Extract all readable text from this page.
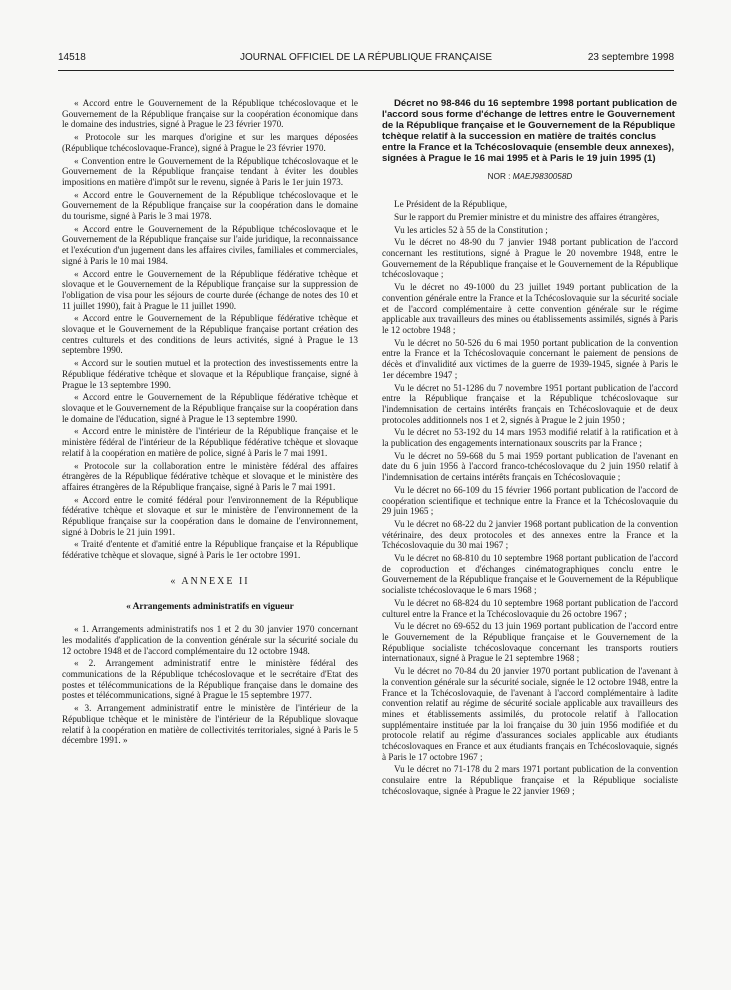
14518	JOURNAL OFFICIEL DE LA RÉPUBLIQUE FRANÇAISE	23 septembre 1998

« Accord entre le Gouvernement de la République tchécoslovaque et le Gouvernement de la République française sur la coopération économique dans le domaine des industries, signé à Prague le 23 février 1970.

« Protocole sur les marques d'origine et sur les marques déposées (République tchécoslovaque-France), signé à Prague le 23 février 1970.

« Convention entre le Gouvernement de la République tchécoslovaque et le Gouvernement de la République française tendant à éviter les doubles impositions en matière d'impôt sur le revenu, signée à Paris le 1er juin 1973.

« Accord entre le Gouvernement de la République tchécoslovaque et le Gouvernement de la République française sur la coopération dans le domaine du tourisme, signé à Paris le 3 mai 1978.

« Accord entre le Gouvernement de la République tchécoslovaque et le Gouvernement de la République française sur l'aide juridique, la reconnaissance et l'exécution d'un jugement dans les affaires civiles, familiales et commerciales, signé à Paris le 10 mai 1984.

« Accord entre le Gouvernement de la République fédérative tchèque et slovaque et le Gouvernement de la République française sur la suppression de l'obligation de visa pour les séjours de courte durée (échange de notes des 10 et 11 juillet 1990), fait à Prague le 11 juillet 1990.

« Accord entre le Gouvernement de la République fédérative tchèque et slovaque et le Gouvernement de la République française portant création des centres culturels et des conditions de leurs activités, signé à Prague le 13 septembre 1990.

« Accord sur le soutien mutuel et la protection des investissements entre la République fédérative tchèque et slovaque et la République française, signé à Prague le 13 septembre 1990.

« Accord entre le Gouvernement de la République fédérative tchèque et slovaque et le Gouvernement de la République française sur la coopération dans le domaine de l'éducation, signé à Prague le 13 septembre 1990.

« Accord entre le ministère de l'intérieur de la République française et le ministère fédéral de l'intérieur de la République fédérative tchèque et slovaque relatif à la coopération en matière de police, signé à Paris le 7 mai 1991.

« Protocole sur la collaboration entre le ministère fédéral des affaires étrangères de la République fédérative tchèque et slovaque et le ministère des affaires étrangères de la République française, signé à Paris le 7 mai 1991.

« Accord entre le comité fédéral pour l'environnement de la République fédérative tchèque et slovaque et sur le ministère de l'environnement de la République française sur la coopération dans le domaine de l'environnement, signé à Dobris le 21 juin 1991.

« Traité d'entente et d'amitié entre la République française et la République fédérative tchèque et slovaque, signé à Paris le 1er octobre 1991.

« ANNEXE II
« Arrangements administratifs en vigueur

« 1. Arrangements administratifs nos 1 et 2 du 30 janvier 1970 concernant les modalités d'application de la convention générale sur la sécurité sociale du 12 octobre 1948 et de l'accord complémentaire du 12 octobre 1948.

« 2. Arrangement administratif entre le ministère fédéral des communications de la République tchécoslovaque et le secrétaire d'Etat des postes et télécommunications de la République française dans le domaine des postes et télécommunications, signé à Prague le 15 septembre 1977.

« 3. Arrangement administratif entre le ministère de l'intérieur de la République tchèque et le ministère de l'intérieur de la République slovaque relatif à la coopération en matière de collectivités territoriales, signé à Paris le 5 décembre 1991. »

Décret no 98-846 du 16 septembre 1998 portant publication de l'accord sous forme d'échange de lettres entre le Gouvernement de la République française et le Gouvernement de la République tchèque relatif à la succession en matière de traités conclus entre la France et la Tchécoslovaquie (ensemble deux annexes), signées à Prague le 16 mai 1995 et à Paris le 19 juin 1995 (1)

NOR : MAEJ9830058D

Le Président de la République,

Sur le rapport du Premier ministre et du ministre des affaires étrangères,

Vu les articles 52 à 55 de la Constitution ;

Vu le décret no 48-90 du 7 janvier 1948 portant publication de l'accord concernant les restitutions, signé à Prague le 20 novembre 1948, entre le Gouvernement de la République française et le Gouvernement de la République tchécoslovaque ;

Vu le décret no 49-1000 du 23 juillet 1949 portant publication de la convention générale entre la France et la Tchécoslovaquie sur la sécurité sociale et de l'accord complémentaire à cette convention générale sur le régime applicable aux travailleurs des mines ou établissements assimilés, signés à Paris le 12 octobre 1948 ;

Vu le décret no 50-526 du 6 mai 1950 portant publication de la convention entre la France et la Tchécoslovaquie concernant le paiement de pensions de décès et d'invalidité aux victimes de la guerre de 1939-1945, signée à Paris le 1er décembre 1947 ;

Vu le décret no 51-1286 du 7 novembre 1951 portant publication de l'accord entre la République française et la République tchécoslovaque sur l'indemnisation de certains intérêts français en Tchécoslovaquie et de deux protocoles additionnels nos 1 et 2, signés à Prague le 2 juin 1950 ;

Vu le décret no 53-192 du 14 mars 1953 modifié relatif à la ratification et à la publication des engagements internationaux souscrits par la France ;

Vu le décret no 59-668 du 5 mai 1959 portant publication de l'avenant en date du 6 juin 1956 à l'accord franco-tchécoslovaque du 2 juin 1950 relatif à l'indemnisation de certains intérêts français en Tchécoslovaquie ;

Vu le décret no 66-109 du 15 février 1966 portant publication de l'accord de coopération scientifique et technique entre la France et la Tchécoslovaquie du 29 juin 1965 ;

Vu le décret no 68-22 du 2 janvier 1968 portant publication de la convention vétérinaire, des deux protocoles et des annexes entre la France et la Tchécoslovaquie du 30 mai 1967 ;

Vu le décret no 68-810 du 10 septembre 1968 portant publication de l'accord de coproduction et d'échanges cinématographiques conclu entre le Gouvernement de la République française et le Gouvernement de la République socialiste tchécoslovaque le 6 mars 1968 ;

Vu le décret no 68-824 du 10 septembre 1968 portant publication de l'accord culturel entre la France et la Tchécoslovaquie du 26 octobre 1967 ;

Vu le décret no 69-652 du 13 juin 1969 portant publication de l'accord entre le Gouvernement de la République française et le Gouvernement de la République socialiste tchécoslovaque concernant les transports routiers internationaux, signé à Prague le 21 septembre 1968 ;

Vu le décret no 70-84 du 20 janvier 1970 portant publication de l'avenant à la convention générale sur la sécurité sociale, signée le 12 octobre 1948, entre la France et la Tchécoslovaquie, de l'avenant à l'accord complémentaire à ladite convention relatif au régime de sécurité sociale applicable aux travailleurs des mines et établissements assimilés, du protocole relatif à l'allocation supplémentaire instituée par la loi française du 30 juin 1956 modifiée et du protocole relatif au régime d'assurances sociales applicable aux étudiants tchécoslovaques en France et aux étudiants français en Tchécoslovaquie, signés à Paris le 17 octobre 1967 ;

Vu le décret no 71-178 du 2 mars 1971 portant publication de la convention consulaire entre la République française et la République socialiste tchécoslovaque, signée à Prague le 22 janvier 1969 ;
